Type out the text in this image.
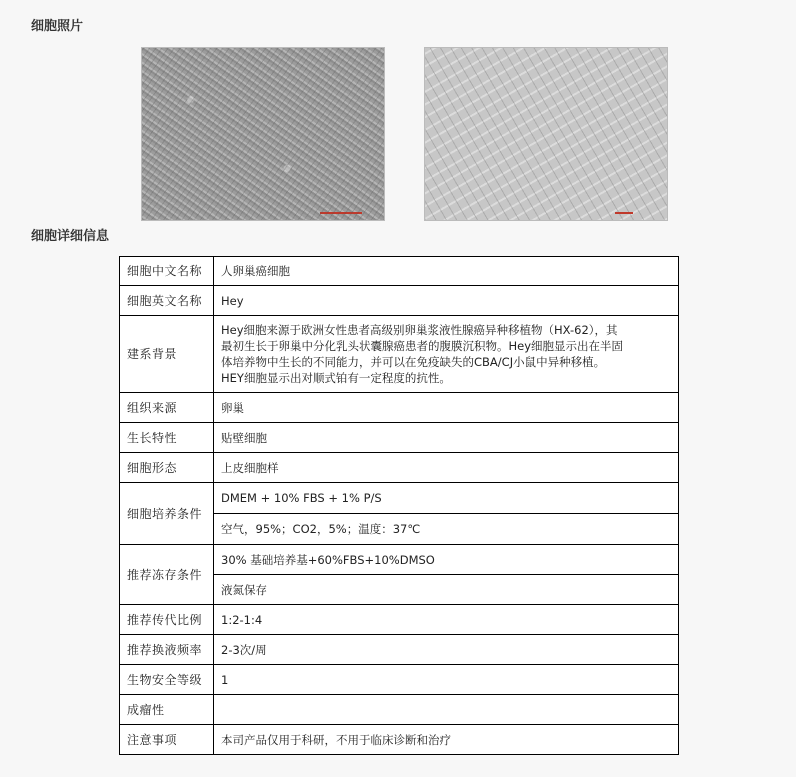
细胞照片
细胞详细信息
细胞中文名称	人卵巢癌细胞
细胞英文名称	Hey
建系背景	Hey细胞来源于欧洲女性患者高级别卵巢浆液性腺癌异种移植物（HX-62），其
最初生长于卵巢中分化乳头状囊腺癌患者的腹膜沉积物。Hey细胞显示出在半固
体培养物中生长的不同能力，并可以在免疫缺失的CBA/CJ小鼠中异种移植。
HEY细胞显示出对顺式铂有一定程度的抗性。

组织来源	卵巢
生长特性	贴壁细胞
细胞形态	上皮细胞样
细胞培养条件	DMEM + 10% FBS + 1% P/S
	空气，95%；CO2，5%；温度：37℃
推荐冻存条件	30% 基础培养基+60%FBS+10%DMSO
	液氮保存
推荐传代比例	1:2-1:4
推荐换液频率	2-3次/周
生物安全等级	1
成瘤性	
注意事项	本司产品仅用于科研，不用于临床诊断和治疗
